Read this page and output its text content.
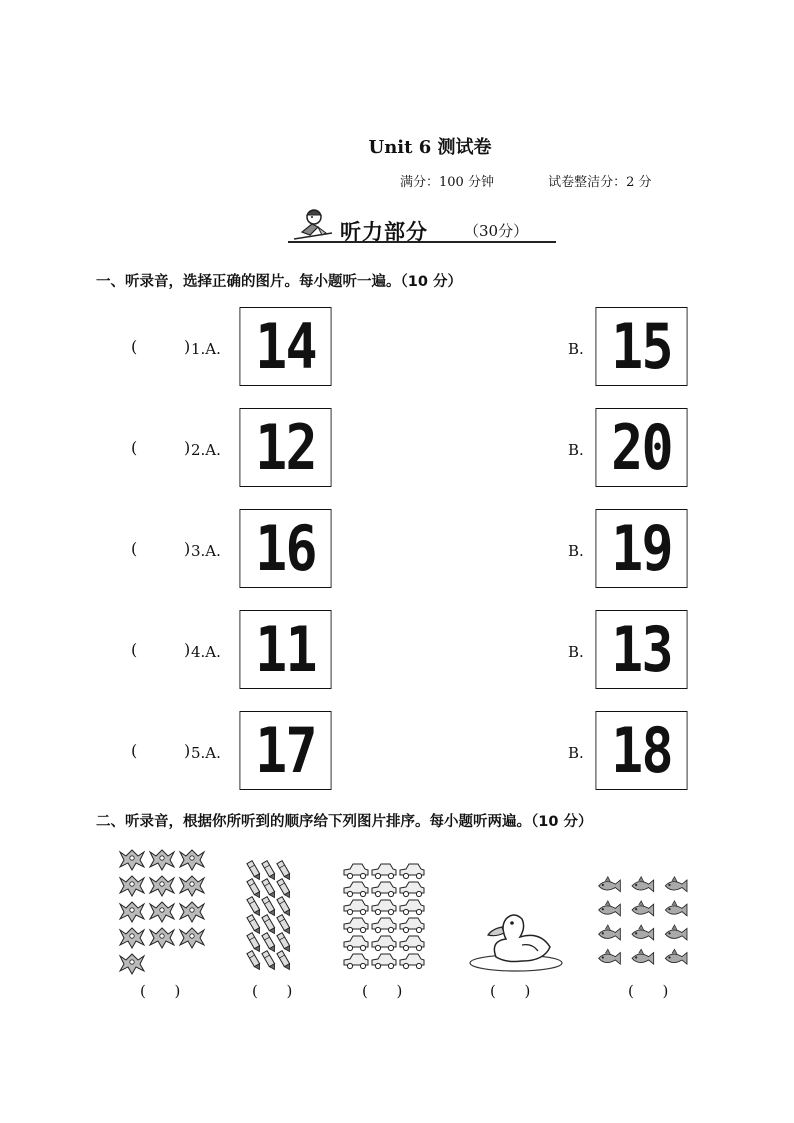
Unit 6 测试卷
满分：100 分钟	试卷整洁分：2 分
听力部分 （30分）
一、听录音，选择正确的图片。每小题听一遍。（10 分）
(	) 1.A. 14	B. 15
(	) 2.A. 12	B. 20
(	) 3.A. 16	B. 19
(	) 4.A. 11	B. 13
(	) 5.A. 17	B. 18
二、听录音，根据你所听到的顺序给下列图片排序。每小题听两遍。（10 分）
(      )	(      )	(      )	(      )	(      )
